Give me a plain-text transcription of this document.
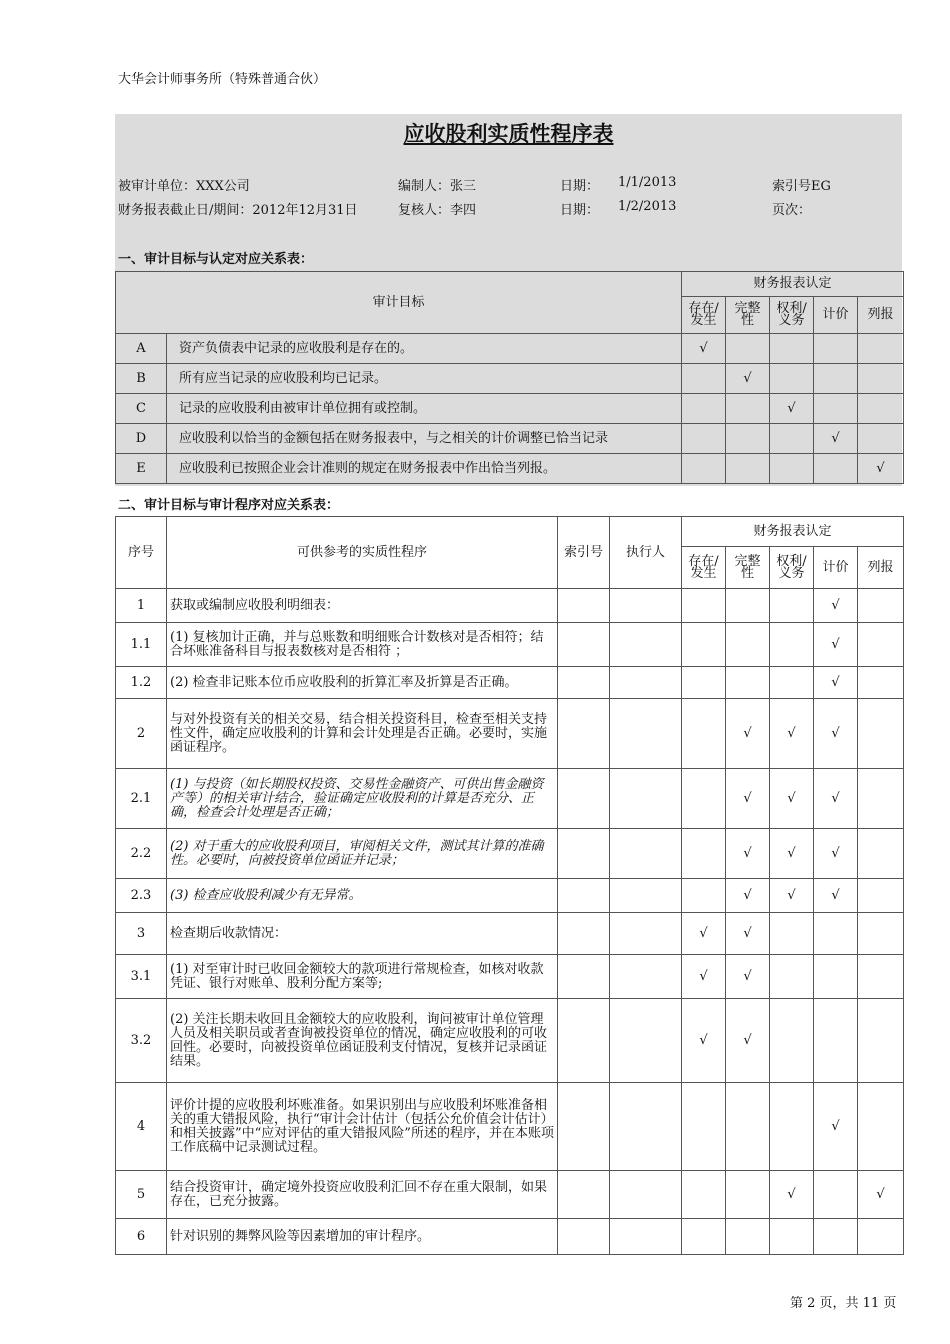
大华会计师事务所（特殊普通合伙）
应收股利实质性程序表
被审计单位：XXX公司	编制人：张三	日期： 1/1/2013	索引号EG
财务报表截止日/期间：2012年12月31日	复核人：李四	日期： 1/2/2013	页次：
一、审计目标与认定对应关系表：
审计目标		财务报表认定				
		存在/发生	完整性	权利/义务	计价	列报
A	资产负债表中记录的应收股利是存在的。	√				
B	所有应当记录的应收股利均已记录。		√			
C	记录的应收股利由被审计单位拥有或控制。			√		
D	应收股利以恰当的金额包括在财务报表中，与之相关的计价调整已恰当记录				√	
E	应收股利已按照企业会计准则的规定在财务报表中作出恰当列报。					√
二、审计目标与审计程序对应关系表：
序号	可供参考的实质性程序	索引号	执行人	财务报表认定				
				存在/发生	完整性	权利/义务	计价	列报
1	获取或编制应收股利明细表：						√	
1.1	(1) 复核加计正确，并与总账数和明细账合计数核对是否相符；结合坏账准备科目与报表数核对是否相符 ；						√	
1.2	(2) 检查非记账本位币应收股利的折算汇率及折算是否正确。						√	
2	与对外投资有关的相关交易，结合相关投资科目，检查至相关支持性文件，确定应收股利的计算和会计处理是否正确。必要时，实施函证程序。				√	√	√	
2.1	(1) 与投资（如长期股权投资、交易性金融资产、可供出售金融资产等）的相关审计结合，验证确定应收股利的计算是否充分、正确，检查会计处理是否正确；				√	√	√	
2.2	(2) 对于重大的应收股利项目，审阅相关文件，测试其计算的准确性。必要时，向被投资单位函证并记录；				√	√	√	
2.3	(3) 检查应收股利减少有无异常。				√	√	√	
3	检查期后收款情况：			√	√			
3.1	(1) 对至审计时已收回金额较大的款项进行常规检查，如核对收款凭证、银行对账单、股利分配方案等;			√	√			
3.2	(2) 关注长期未收回且金额较大的应收股利，询问被审计单位管理人员及相关职员或者查询被投资单位的情况，确定应收股利的可收回性。必要时，向被投资单位函证股利支付情况，复核并记录函证结果。			√	√			
4	评价计提的应收股利坏账准备。如果识别出与应收股利坏账准备相关的重大错报风险，执行“审计会计估计（包括公允价值会计估计）和相关披露”中“应对评估的重大错报风险”所述的程序，并在本账项工作底稿中记录测试过程。						√	
5	结合投资审计，确定境外投资应收股利汇回不存在重大限制，如果存在，已充分披露。					√		√
6	针对识别的舞弊风险等因素增加的审计程序。							
第 2 页，共 11 页
